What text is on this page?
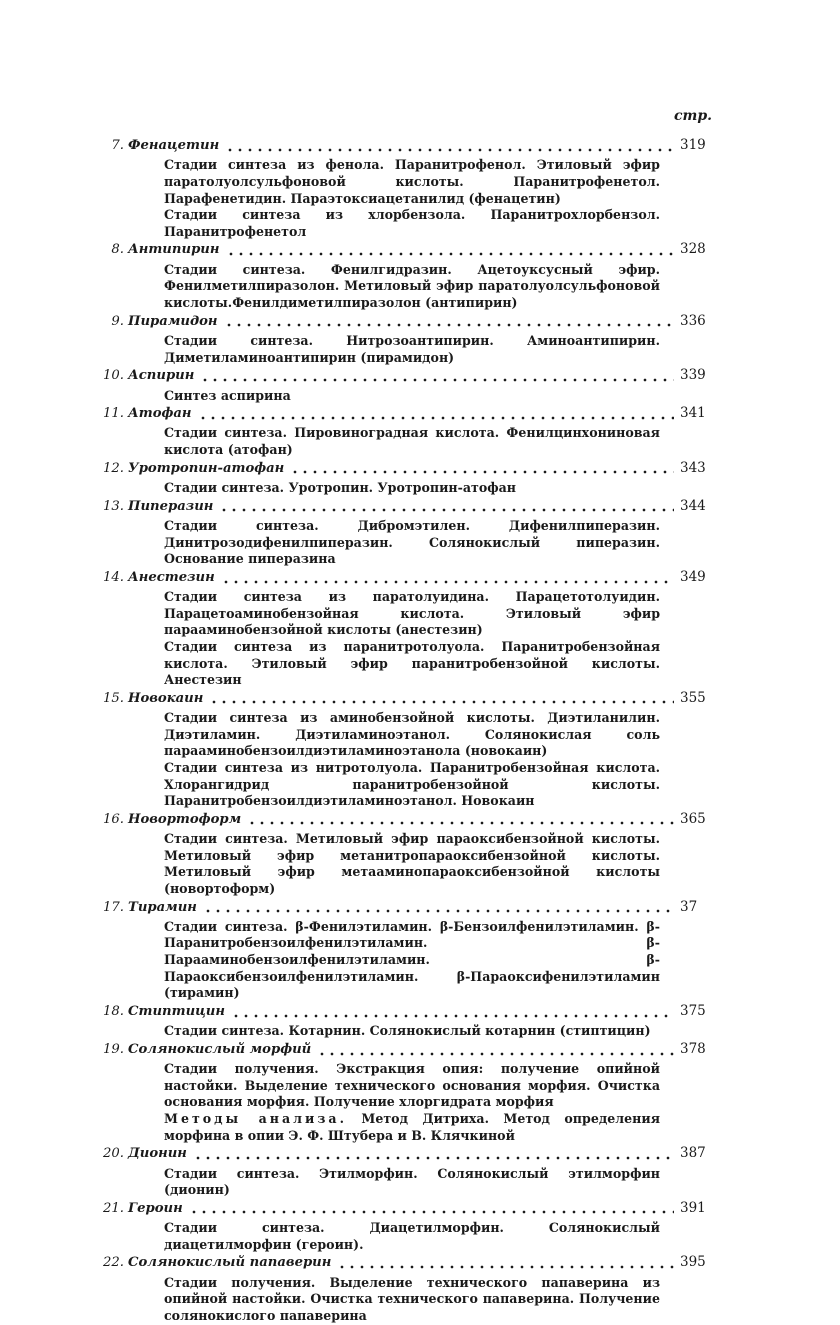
стр.
7. Фенацетин	319

Стадии синтеза из фенола. Паранитрофенол. Этиловый эфир паратолуолсульфоновой кислоты. Паранитрофенетол. Парафенетидин. Параэтоксиацетанилид (фенацетин)

Стадии синтеза из хлорбензола. Паранитрохлорбензол. Паранитрофенетол

8. Антипирин	328

Стадии синтеза. Фенилгидразин. Ацетоуксусный эфир. Фенилметилпиразолон. Метиловый эфир паратолуолсульфоновой кислоты.Фенилдиметилпиразолон (антипирин)

9. Пирамидон	336

Стадии синтеза. Нитрозоантипирин. Аминоантипирин. Диметиламиноантипирин (пирамидон)

10. Аспирин	339

Синтез аспирина

11. Атофан	341

Стадии синтеза. Пировиноградная кислота. Фенилцинхониновая кислота (атофан)

12. Уротропин-атофан	343

Стадии синтеза. Уротропин. Уротропин-атофан

13. Пиперазин	344

Стадии синтеза. Дибромэтилен. Дифенилпиперазин. Динитрозодифенилпиперазин. Солянокислый пиперазин. Основание пиперазина

14. Анестезин	349

Стадии синтеза из паратолуидина. Парацетотолуидин. Парацетоаминобензойная кислота. Этиловый эфир парааминобензойной кислоты (анестезин)

Стадии синтеза из паранитротолуола. Паранитробензойная кислота. Этиловый эфир паранитробензойной кислоты. Анестезин

15. Новокаин	355

Стадии синтеза из аминобензойной кислоты. Диэтиланилин. Диэтиламин. Диэтиламиноэтанол. Солянокислая соль парааминобензоилдиэтиламиноэтанола (новокаин)

Стадии синтеза из нитротолуола. Паранитробензойная кислота. Хлорангидрид паранитробензойной кислоты. Паранитробензоилдиэтиламиноэтанол. Новокаин

16. Новортоформ	365

Стадии синтеза. Метиловый эфир параоксибензойной кислоты. Метиловый эфир метанитропараоксибензойной кислоты. Метиловый эфир метааминопараоксибензойной кислоты (новортоформ)

17. Тирамин	37

Стадии синтеза. β-Фенилэтиламин. β-Бензоилфенилэтиламин. β-Паранитробензоилфенилэтиламин. β-Парааминобензоилфенилэтиламин. β-Параоксибензоилфенилэтиламин. β-Параоксифенилэтиламин (тирамин)

18. Стиптицин	375

Стадии синтеза. Котарнин. Солянокислый котарнин (стиптицин)

19. Солянокислый морфий	378

Стадии получения. Экстракция опия: получение опийной настойки. Выделение технического основания морфия. Очистка основания морфия. Получение хлоргидрата морфия

Методы анализа. Метод Дитриха. Метод определения морфина в опии Э. Ф. Штубера и В. Клячкиной

20. Дионин	387

Стадии синтеза. Этилморфин. Солянокислый этилморфин (дионин)

21. Героин	391

Стадии синтеза. Диацетилморфин. Солянокислый диацетилморфин (героин).

22. Солянокислый папаверин	395

Стадии получения. Выделение технического папаверина из опийной настойки. Очистка технического папаверина. Получение солянокислого папаверина
